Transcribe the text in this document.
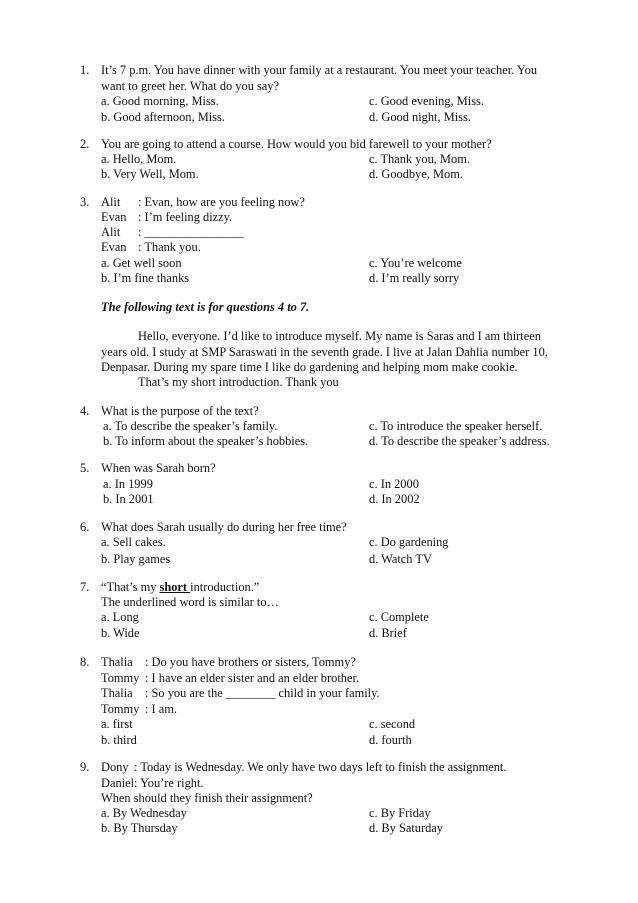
1. It’s 7 p.m. You have dinner with your family at a restaurant. You meet your teacher. You
want to greet her. What do you say?
a. Good morning, Miss.	c. Good evening, Miss.
b. Good afternoon, Miss.	d. Good night, Miss.
2. You are going to attend a course. How would you bid farewell to your mother?
a. Hello, Mom.	c. Thank you, Mom.
b. Very Well, Mom.	d. Goodbye, Mom.
3. Alit : Evan, how are you feeling now?
Evan : I’m feeling dizzy.
Alit : ________________
Evan : Thank you.
a. Get well soon	c. You’re welcome
b. I’m fine thanks	d. I’m really sorry
The following text is for questions 4 to 7.
Hello, everyone. I’d like to introduce myself. My name is Saras and I am thirteen
years old. I study at SMP Saraswati in the seventh grade. I live at Jalan Dahlia number 10,
Denpasar. During my spare time I like do gardening and helping mom make cookie.
That’s my short introduction. Thank you
4. What is the purpose of the text?
a. To describe the speaker’s family.	c. To introduce the speaker herself.
b. To inform about the speaker’s hobbies.	d. To describe the speaker’s address.
5. When was Sarah born?
a. In 1999	c. In 2000
b. In 2001	d. In 2002
6. What does Sarah usually do during her free time?
a. Sell cakes.	c. Do gardening
b. Play games	d. Watch TV
7. “That’s my short introduction.”
The underlined word is similar to…
a. Long	c. Complete
b. Wide	d. Brief
8. Thalia : Do you have brothers or sisters, Tommy?
Tommy : I have an elder sister and an elder brother.
Thalia : So you are the ________ child in your family.
Tommy : I am.
a. first	c. second
b. third	d. fourth
9. Dony : Today is Wednesday. We only have two days left to finish the assignment.
Daniel : You’re right.
When should they finish their assignment?
a. By Wednesday	c. By Friday
b. By Thursday	d. By Saturday
